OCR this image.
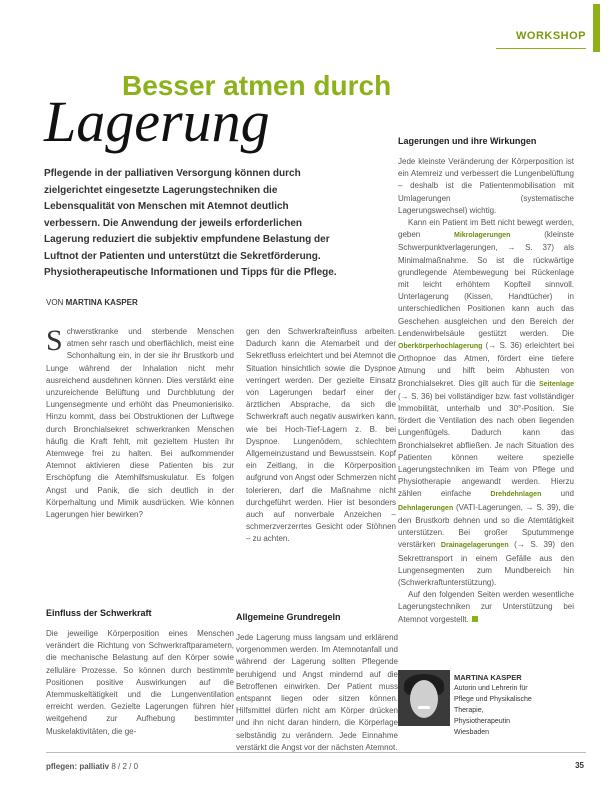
WORKSHOP
Besser atmen durch
Lagerung
Pflegende in der palliativen Versorgung können durch zielgerichtet eingesetzte Lagerungstechniken die Lebensqualität von Menschen mit Atemnot deutlich verbessern. Die Anwendung der jeweils erforderlichen Lagerung reduziert die subjektiv empfundene Belastung der Luftnot der Patienten und unterstützt die Sekretförderung. Physiotherapeutische Informationen und Tipps für die Pflege.
VON MARTINA KASPER
S chwerstkranke und sterbende Menschen atmen sehr rasch und oberflächlich, meist eine Schonhaltung ein, in der sie ihr Brustkorb und Lunge während der Inhalation nicht mehr ausreichend ausdehnen können. Dies verstärkt eine unzureichende Belüftung und Durchblutung der Lungensegmente und erhöht das Pneumonierisiko. Hinzu kommt, dass bei Obstruktionen der Luftwege durch Bronchialsekret schwerkranken Menschen häufig die Kraft fehlt, mit gezieltem Husten ihr Atemwege frei zu halten. Bei aufkommender Atemnot aktivieren diese Patienten bis zur Erschöpfung die Atemhilfsmuskulatur. Es folgen Angst und Panik, die sich deutlich in der Körperhaltung und Mimik ausdrücken. Wie können Lagerungen hier bewirken?
Einfluss der Schwerkraft
Die jeweilige Körperposition eines Menschen verändert die Richtung von Schwerkraftparametern, die mechanische Belastung auf den Körper sowie zelluläre Prozesse. So können durch bestimmte Positionen positive Auswirkungen auf die Atemmuskeltätigkeit und die Lungenventilation erreicht werden. Gezielte Lagerungen führen hier weitgehend zur Aufhebung bestimmter Muskelaktivitäten, die ge-
gen den Schwerkrafteinfluss arbeiten. Dadurch kann die Atemarbeit und der Sekretfluss erleichtert und bei Atemnot die Situation hinsichtlich sowie die Dyspnoe verringert werden. Der gezielte Einsatz von Lagerungen bedarf einer der ärztlichen Absprache, da sich die Schwerkraft auch negativ auswirken kann, wie bei Hoch-Tief-Lagern z. B. bei Dyspnoe. Lungenödem, schlechtem Allgemeinzustand und Bewusstsein. Kopf ein Zeitlang, in die Körperposition aufgrund von Angst oder Schmerzen nicht tolerieren, darf die Maßnahme nicht durchgeführt werden. Hier ist besonders auch auf nonverbale Anzeichen – schmerzverzerrtes Gesicht oder Stöhnen – zu achten.
Allgemeine Grundregeln
Jede Lagerung muss langsam und erklärend vorgenommen werden. Im Atemnotanfall und während der Lagerung sollten Pflegende beruhigend und Angst mindernd auf die Betroffenen einwirken. Der Patient muss entspannt liegen oder sitzen können. Hilfsmittel dürfen nicht am Körper drücken und ihn nicht daran hindern, die Körperlage selbständig zu verändern. Jede Einnahme verstärkt die Angst vor der nächsten Atemnot.
Lagerungen und ihre Wirkungen

Jede kleinste Veränderung der Körperposition ist ein Atemreiz und verbessert die Lungenbelüftung – deshalb ist die Patientenmobilisation mit Umlagerungen (systematische Lagerungswechsel) wichtig.

Kann ein Patient im Bett nicht bewegt werden, geben	Mikrolagerungen	(kleinste Schwerpunktverlagerungen, → S. 37) als Minimalmaßnahme. So ist die rückwärtige grundlegende Atembewegung bei Rückenlage mit leicht erhöhtem Kopfteil sinnvoll. Unterlagerung (Kissen, Handtücher) in unterschiedlichen Positionen kann auch das Geschehen ausgleichen und den Bereich der Lendenwirbelsäule gestützt werden. Die Oberkörperhochlagerung (→ S. 36) erleichtert bei Orthopnoe das Atmen, fördert eine tiefere Atmung und hilft beim Abhusten von Bronchialsekret. Dies gilt auch für die Seitenlage (→ S. 36) bei vollständiger bzw. fast vollständiger Immobilität, unterhalb und 30°-Position. Sie fördert die Ventilation des nach oben liegenden Lungenflügels. Dadurch kann das Bronchialsekret abfließen. Je nach Situation des Patienten können weitere spezielle Lagerungstechniken im Team von Pflege und Physiotherapie angewandt werden. Hierzu zählen einfache	Drehdehnlagen und Dehnlagerungen (VATI-Lagerungen, → S. 39), die den Brustkorb dehnen und so die Atemtätigkeit unterstützen. Bei großer Sputummenge verstärken Drainagelagerungen (→ S. 39) den Sekrettransport in einem Gefälle aus den Lungensegmenten zum Mundbereich hin (Schwerkraftunterstützung).

Auf den folgenden Seiten werden wesentliche Lagerungstechniken zur Unterstützung bei Atemnot vorgestellt.

MARTINA KASPER
Autorin und Lehrerin für
Pflege und Physikalische
Therapie,
Physiotherapeutin
Wiesbaden
pflegen: palliativ 8 / 2 / 0	35
